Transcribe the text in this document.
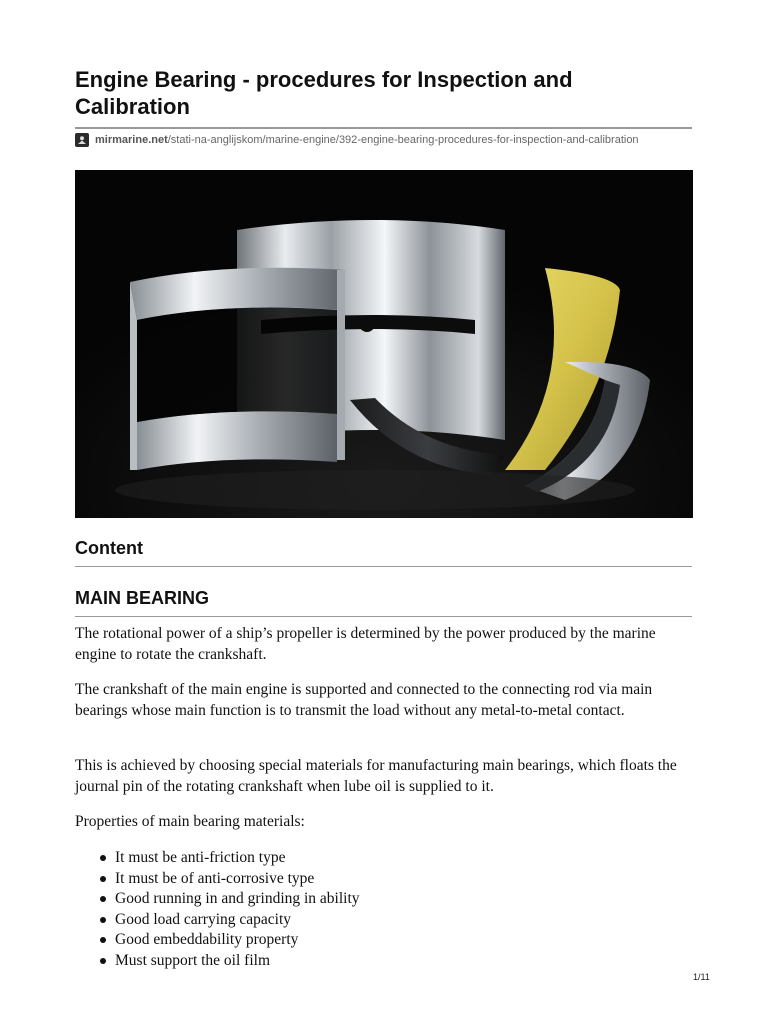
Engine Bearing - procedures for Inspection and Calibration
mirmarine.net /stati-na-anglijskom/marine-engine/392-engine-bearing-procedures-for-inspection-and-calibration
Content
MAIN BEARING

The rotational power of a ship’s propeller is determined by the power produced by the marine engine to rotate the crankshaft.

The crankshaft of the main engine is supported and connected to the connecting rod via main bearings whose main function is to transmit the load without any metal-to-metal contact.

This is achieved by choosing special materials for manufacturing main bearings, which floats the journal pin of the rotating crankshaft when lube oil is supplied to it.

Properties of main bearing materials:

It must be anti-friction type
It must be of anti-corrosive type
Good running in and grinding in ability
Good load carrying capacity
Good embeddability property
Must support the oil film
1/11
